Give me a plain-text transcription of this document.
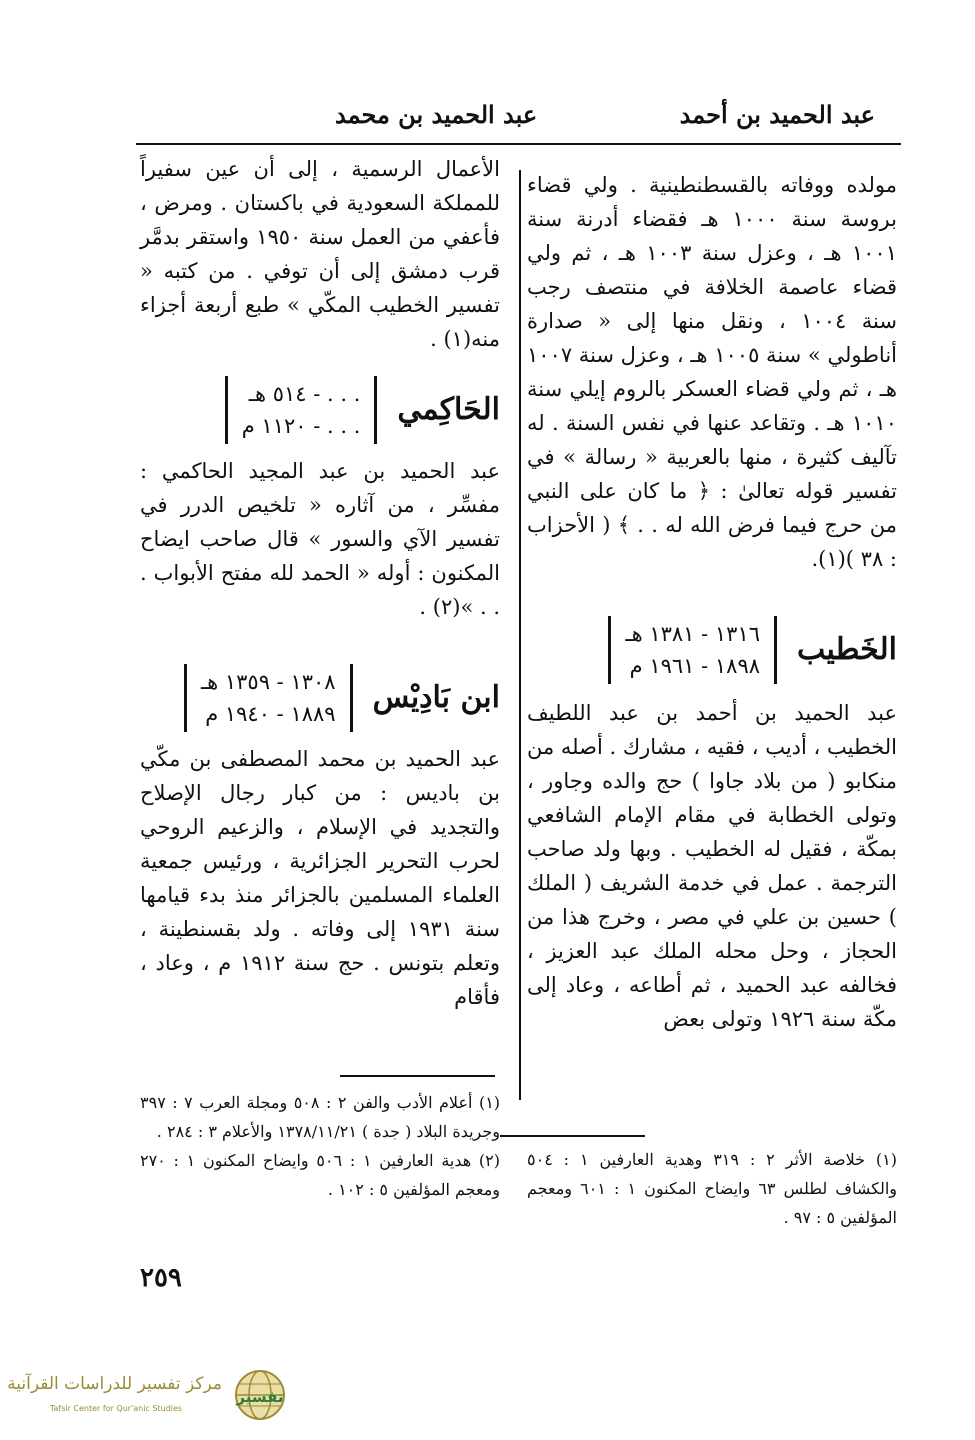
عبد الحميد بن أحمد
عبد الحميد بن محمد

مولده ووفاته بالقسطنطينية . ولي قضاء بروسة سنة ١٠٠٠ هـ فقضاء أدرنة سنة ١٠٠١ هـ ، وعزل سنة ١٠٠٣ هـ ، ثم ولي قضاء عاصمة الخلافة في منتصف رجب سنة ١٠٠٤ ، ونقل منها إلى « صدارة أناطولي » سنة ١٠٠٥ هـ ، وعزل سنة ١٠٠٧ هـ ، ثم ولي قضاء العسكر بالروم إيلي سنة ١٠١٠ هـ . وتقاعد عنها في نفس السنة . له تآليف كثيرة ، منها بالعربية « رسالة » في تفسير قوله تعالىٰ : ﴿ ما كان على النبي من حرج فيما فرض الله له . . ﴾ ( الأحزاب : ٣٨ )(١).

الخَطيب
١٣١٦ - ١٣٨١ هـ
١٨٩٨ - ١٩٦١ م

عبد الحميد بن أحمد بن عبد اللطيف الخطيب ، أديب ، فقيه ، مشارك . أصله من منكابو ( من بلاد جاوا ) حج والده وجاور ، وتولى الخطابة في مقام الإمام الشافعي بمكّة ، فقيل له الخطيب . وبها ولد صاحب الترجمة . عمل في خدمة الشريف ( الملك ) حسين بن علي في مصر ، وخرج هذا من الحجاز ، وحل محله الملك عبد العزيز ، فخالفه عبد الحميد ، ثم أطاعه ، وعاد إلى مكّة سنة ١٩٢٦ وتولى بعض

(١) خلاصة الأثر ٢ : ٣١٩ وهدية العارفين ١ : ٥٠٤ والكشاف لطلس ٦٣ وايضاح المكنون ١ : ٦٠١ ومعجم المؤلفين ٥ : ٩٧ .

الأعمال الرسمية ، إلى أن عين سفيراً للمملكة السعودية في باكستان . ومرض ، فأعفي من العمل سنة ١٩٥٠ واستقر بدمَّر قرب دمشق إلى أن توفي . من كتبه « تفسير الخطيب المكّي » طبع أربعة أجزاء منه(١) .

الحَاكِمي
. . . - ٥١٤ هـ
. . . - ١١٢٠ م

عبد الحميد بن عبد المجيد الحاكمي : مفسِّر ، من آثاره « تلخيص الدرر في تفسير الآي والسور » قال صاحب ايضاح المكنون : أوله « الحمد لله مفتح الأبواب . . . »(٢) .

ابن بَادِيْس
١٣٠٨ - ١٣٥٩ هـ
١٨٨٩ - ١٩٤٠ م

عبد الحميد بن محمد المصطفى بن مكّي بن باديس : من كبار رجال الإصلاح والتجديد في الإسلام ، والزعيم الروحي لحرب التحرير الجزائرية ، ورئيس جمعية العلماء المسلمين بالجزائر منذ بدء قيامها سنة ١٩٣١ إلى وفاته . ولد بقسنطينة ، وتعلم بتونس . حج سنة ١٩١٢ م ، وعاد ، فأقام

(١) أعلام الأدب والفن ٢ : ٥٠٨ ومجلة العرب ٧ : ٣٩٧ وجريدة البلاد ( جدة ) ١٣٧٨/١١/٢١ والأعلام ٣ : ٢٨٤ .

(٢) هدية العارفين ١ : ٥٠٦ وايضاح المكنون ١ : ٢٧٠ ومعجم المؤلفين ٥ : ١٠٢ .

٢٥٩
مركز تفسير للدراسات القرآنية
Tafsir Center for Qur'anic Studies
تفسير
